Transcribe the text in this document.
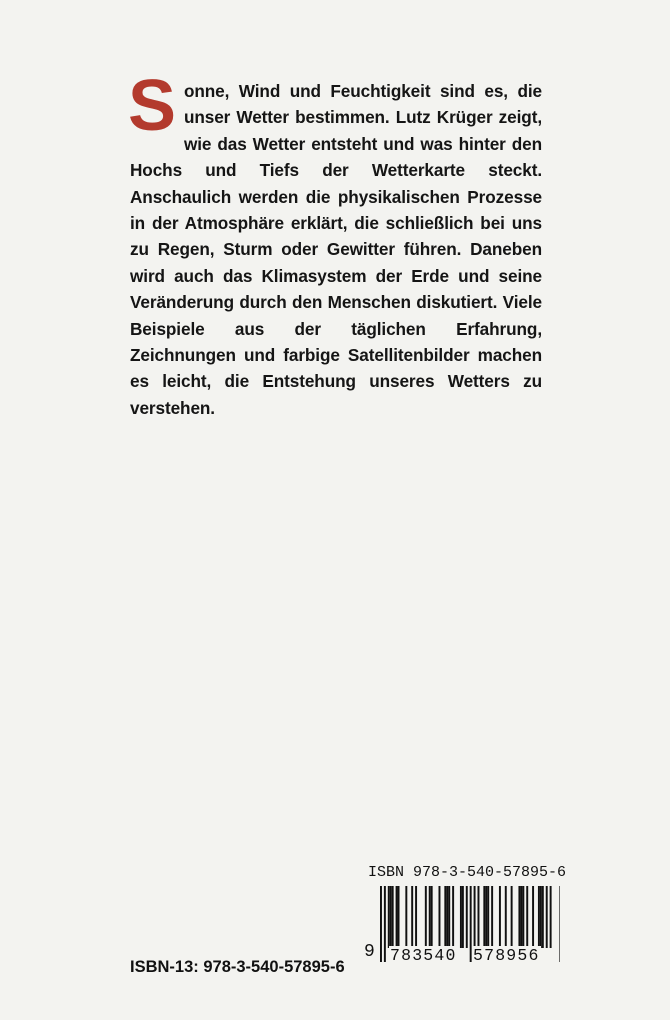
Sonne, Wind und Feuchtigkeit sind es, die unser Wetter bestimmen. Lutz Krüger zeigt, wie das Wetter entsteht und was hinter den Hochs und Tiefs der Wetterkarte steckt. Anschaulich werden die physikalischen Prozesse in der Atmosphäre erklärt, die schließlich bei uns zu Regen, Sturm oder Gewitter führen. Daneben wird auch das Klimasystem der Erde und seine Veränderung durch den Menschen diskutiert. Viele Beispiele aus der täglichen Erfahrung, Zeichnungen und farbige Satellitenbilder machen es leicht, die Entstehung unseres Wetters zu verstehen.

ISBN 978-3-540-57895-6
9 783540 578956
ISBN-13: 978-3-540-57895-6
